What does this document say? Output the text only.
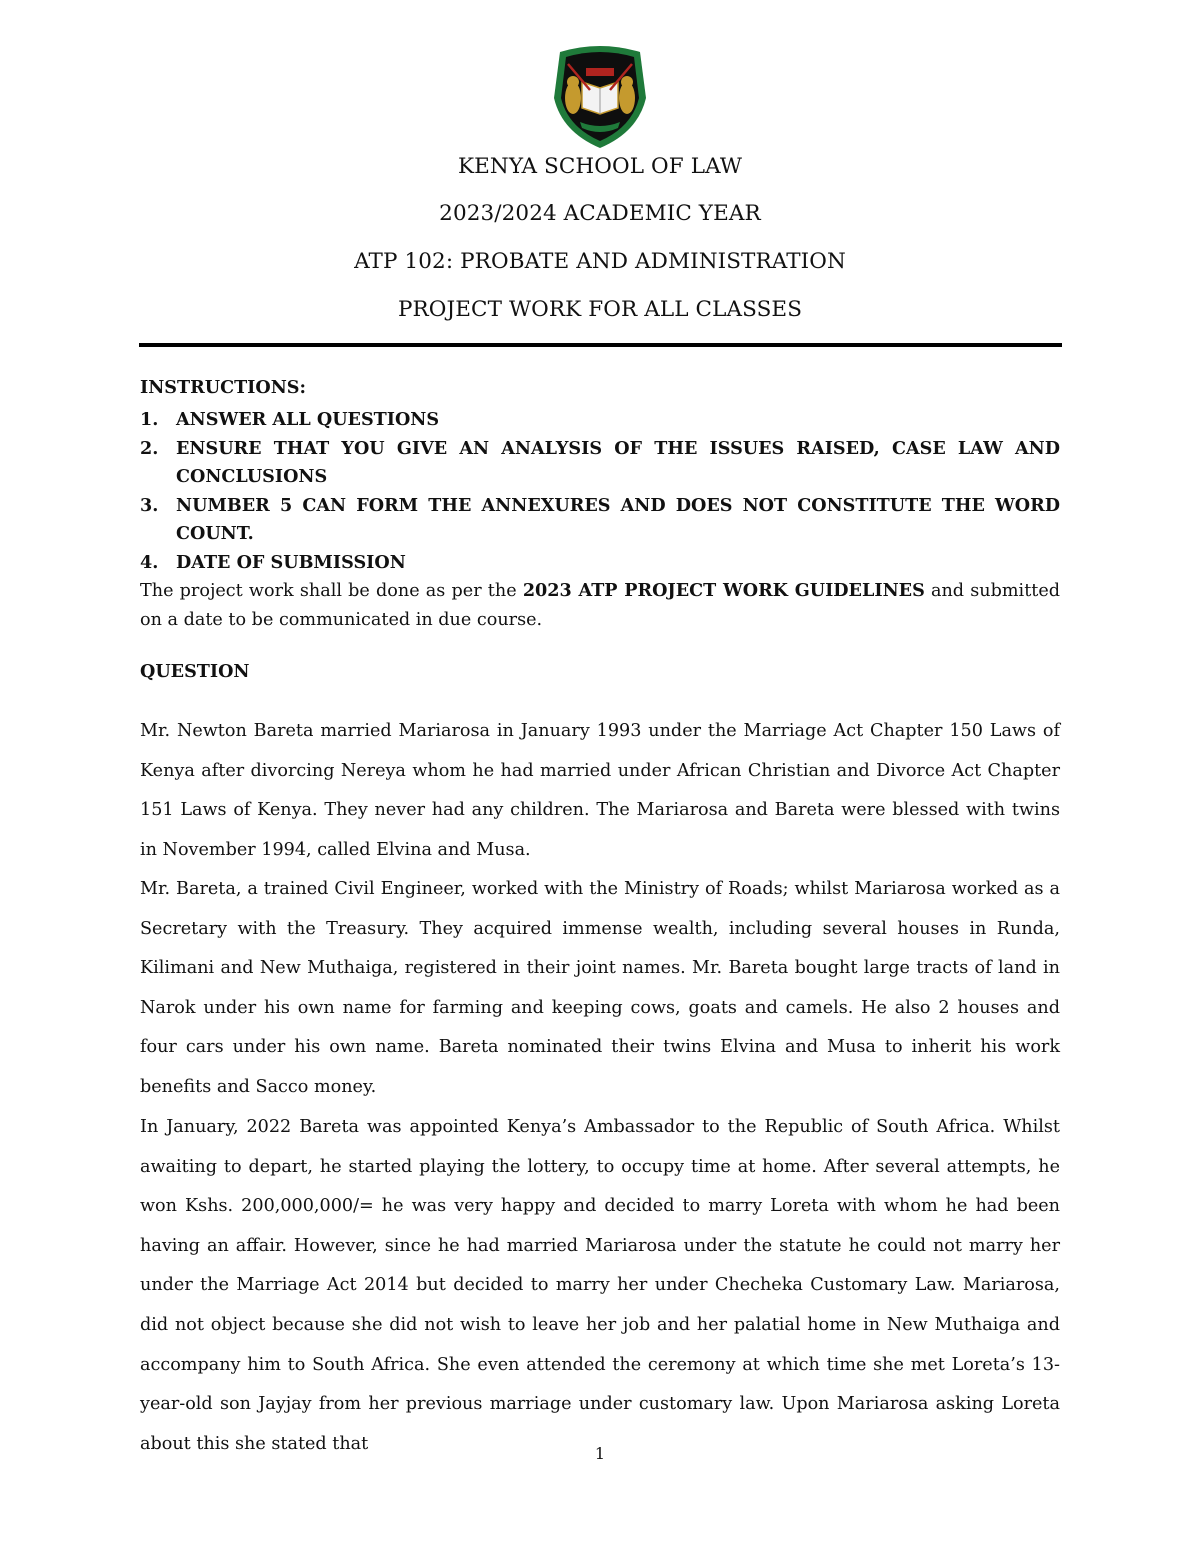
KENYA SCHOOL OF LAW
2023/2024 ACADEMIC YEAR
ATP 102: PROBATE AND ADMINISTRATION
PROJECT WORK FOR ALL CLASSES
INSTRUCTIONS:
1. ANSWER ALL QUESTIONS
2. ENSURE THAT YOU GIVE AN ANALYSIS OF THE ISSUES RAISED, CASE LAW AND CONCLUSIONS
3. NUMBER 5 CAN FORM THE ANNEXURES AND DOES NOT CONSTITUTE THE WORD COUNT.
4. DATE OF SUBMISSION
The project work shall be done as per the 2023 ATP PROJECT WORK GUIDELINES and submitted on a date to be communicated in due course.
QUESTION

Mr. Newton Bareta married Mariarosa in January 1993 under the Marriage Act Chapter 150 Laws of Kenya after divorcing Nereya whom he had married under African Christian and Divorce Act Chapter 151 Laws of Kenya. They never had any children. The Mariarosa and Bareta were blessed with twins in November 1994, called Elvina and Musa.

Mr. Bareta, a trained Civil Engineer, worked with the Ministry of Roads; whilst Mariarosa worked as a Secretary with the Treasury. They acquired immense wealth, including several houses in Runda, Kilimani and New Muthaiga, registered in their joint names. Mr. Bareta bought large tracts of land in Narok under his own name for farming and keeping cows, goats and camels. He also 2 houses and four cars under his own name. Bareta nominated their twins Elvina and Musa to inherit his work benefits and Sacco money.

In January, 2022 Bareta was appointed Kenya’s Ambassador to the Republic of South Africa. Whilst awaiting to depart, he started playing the lottery, to occupy time at home. After several attempts, he won Kshs. 200,000,000/= he was very happy and decided to marry Loreta with whom he had been having an affair. However, since he had married Mariarosa under the statute he could not marry her under the Marriage Act 2014 but decided to marry her under Checheka Customary Law. Mariarosa, did not object because she did not wish to leave her job and her palatial home in New Muthaiga and accompany him to South Africa. She even attended the ceremony at which time she met Loreta’s 13-year-old son Jayjay from her previous marriage under customary law. Upon Mariarosa asking Loreta about this she stated that	1
